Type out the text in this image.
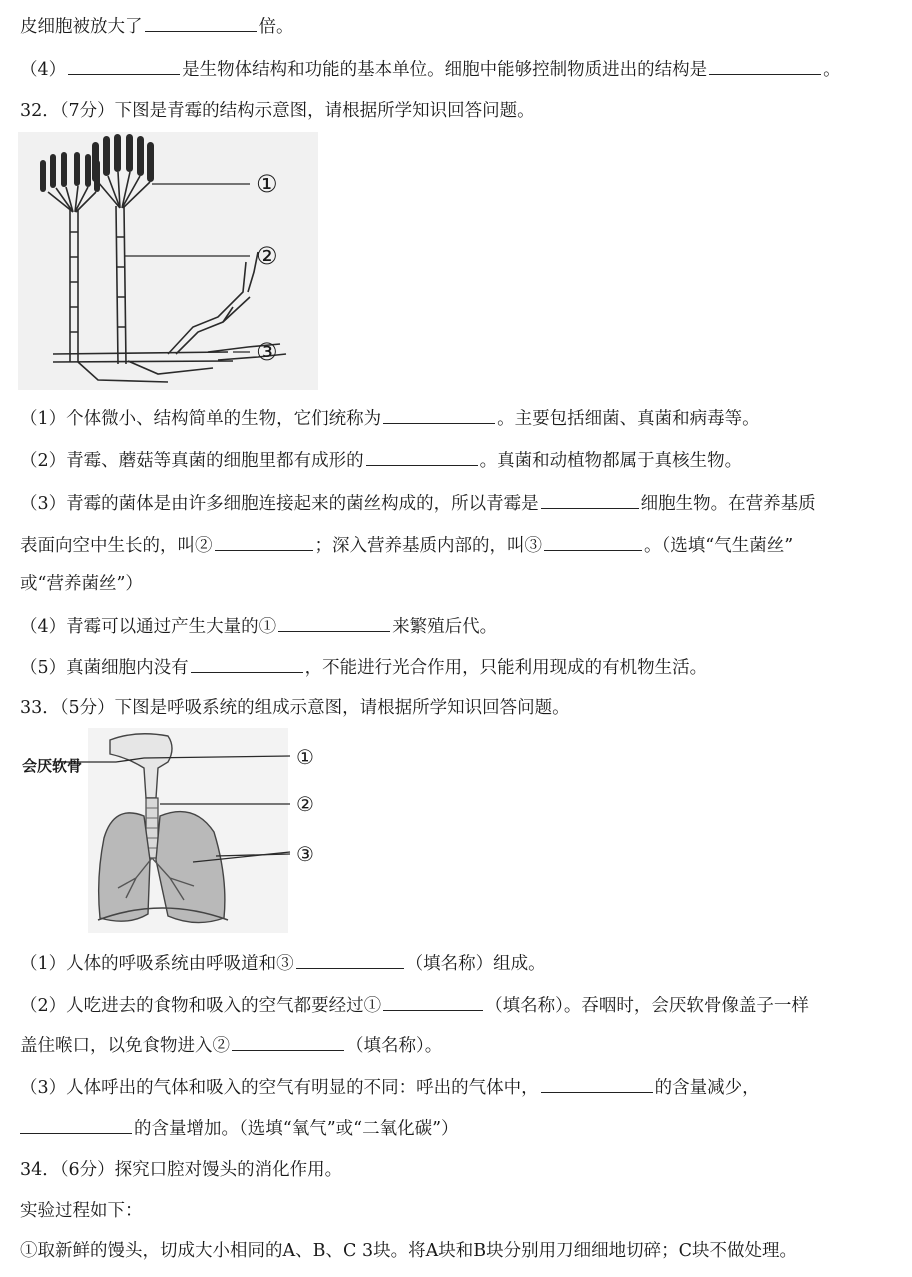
皮细胞被放大了	倍。
（4）	是生物体结构和功能的基本单位。细胞中能够控制物质进出的结构是	。
32．（7分）下图是青霉的结构示意图，请根据所学知识回答问题。
①
②
③
（1）个体微小、结构简单的生物，它们统称为	。主要包括细菌、真菌和病毒等。
（2）青霉、蘑菇等真菌的细胞里都有成形的	。真菌和动植物都属于真核生物。
（3）青霉的菌体是由许多细胞连接起来的菌丝构成的，所以青霉是	细胞生物。在营养基质
表面向空中生长的，叫②	；深入营养基质内部的，叫③	。（选填“气生菌丝”
或“营养菌丝”）
（4）青霉可以通过产生大量的①	来繁殖后代。
（5）真菌细胞内没有	，不能进行光合作用，只能利用现成的有机物生活。
33．（5分）下图是呼吸系统的组成示意图，请根据所学知识回答问题。
会厌软骨	①
②
③
（1）人体的呼吸系统由呼吸道和③	（填名称）组成。
（2）人吃进去的食物和吸入的空气都要经过①	（填名称）。吞咽时，会厌软骨像盖子一样
盖住喉口，以免食物进入②	（填名称）。
（3）人体呼出的气体和吸入的空气有明显的不同：呼出的气体中，	的含量减少，
的含量增加。（选填“氧气”或“二氧化碳”）
34．（6分）探究口腔对馒头的消化作用。
实验过程如下：
①取新鲜的馒头，切成大小相同的A、B、C 3块。将A块和B块分别用刀细细地切碎；C块不做处理。
